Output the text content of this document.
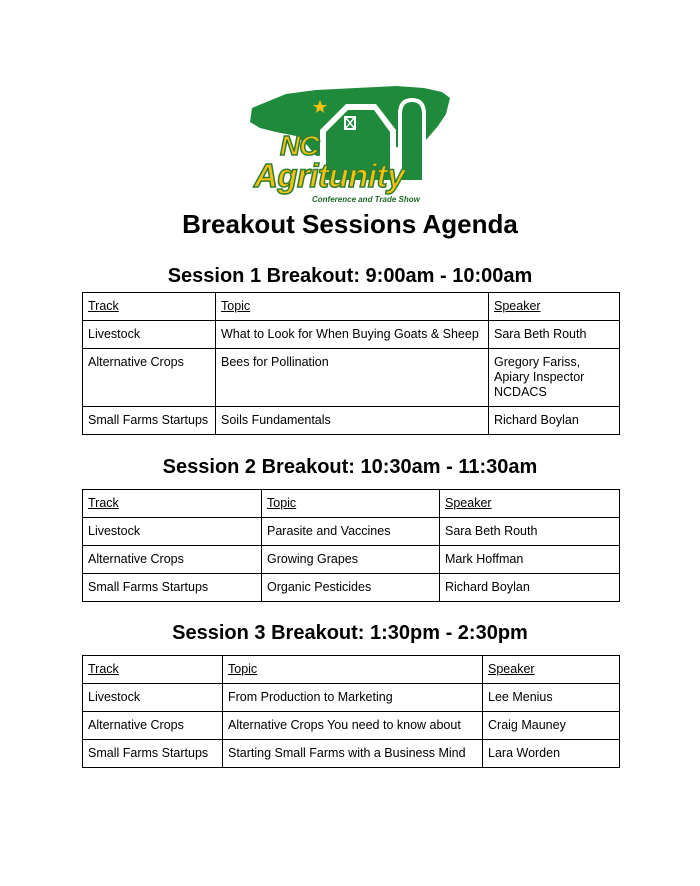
NC
Agritunity
Conference and Trade Show
Breakout Sessions Agenda
Session 1 Breakout: 9:00am - 10:00am
Track	Topic	Speaker
Livestock	What to Look for When Buying Goats & Sheep	Sara Beth Routh
Alternative Crops	Bees for Pollination	Gregory Fariss, Apiary Inspector NCDACS
Small Farms Startups	Soils Fundamentals	Richard Boylan
Session 2 Breakout: 10:30am - 11:30am
Track	Topic	Speaker
Livestock	Parasite and Vaccines	Sara Beth Routh
Alternative Crops	Growing Grapes	Mark Hoffman
Small Farms Startups	Organic Pesticides	Richard Boylan
Session 3 Breakout: 1:30pm - 2:30pm
Track	Topic	Speaker
Livestock	From Production to Marketing	Lee Menius
Alternative Crops	Alternative Crops You need to know about	Craig Mauney
Small Farms Startups	Starting Small Farms with a Business Mind	Lara Worden
